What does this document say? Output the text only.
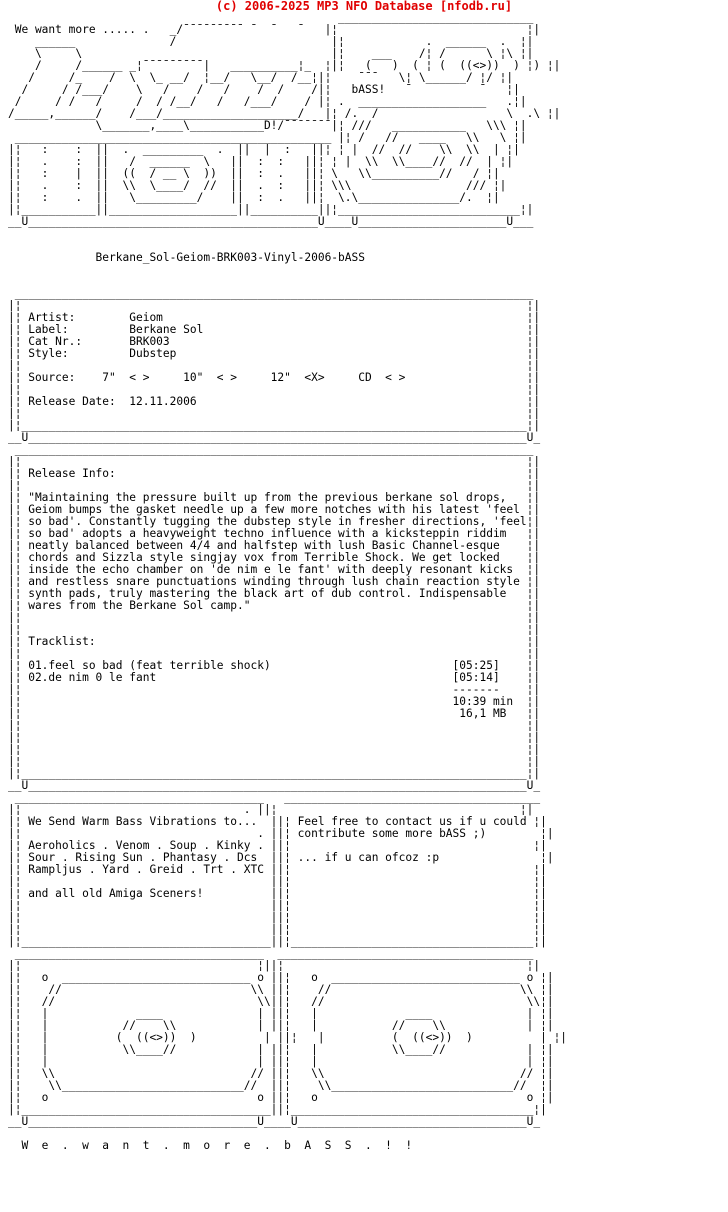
(c) 2006-2025 MP3 NFO Database [nfodb.ru]
_____________________________
We want more ..... .   _/¯¯¯¯¯¯¯¯¯ ¯  ¯   ¯   |¦                            ¦|
______              /                       |¦            .  ______  .  ¦|
\     \                                     |¦    ___    /¦ /      \ ¦\ ¦|
/     /______ _¦¯¯¯¯¯¯¯¯¯|   __________¦_  ¦|¦   (   )  ( ¦ (  ((<>))  ) ¦) ¦|
/     /_    /  \  \_ __/  ¦__/   \__/  /__¦|¦    ¯¯¯   \¦ \______/ ¦/ ¦|
/     / /___/    \   /    /   /    /  /    /|¦   bASS!   ¯          ¯   ¦|
/     / /   /     /  / /__/   /   /___/    / |¦ .  ___________________   .¦|
/_____,______/    /___/____________________/   |¦ /.  /                   \  .\ ¦|
\_______,____\___________D!/¯¯¯¯¯¯¯|¦ ///   ___________   \\\ ¦|
_______________________________________________ |¦ /   //   ____   \\   \ ¦|
|¦   :    :  ||  .  _________  .  ||  |  :   ||¦ ¦ |  //  //    \\  \\  | ¦|
|¦   .    :  ||   /  ______  \   ||  :  :   ||¦ ¦ |  \\  \\____//  //  | ¦|
|¦   :    |  ||  ((  / __ \  ))  ||  :  .   ||¦ \   \\__________//   / ¦|
|¦   .    :  ||  \\  \____/  //  ||  .  :   ||¦ \\\                 /// ¦|
|¦   :    .  ||   \_________/    ||  :  .   ||¦  \.\_______________/.  ¦|
|¦___________||___________________||__________||¦___________________________¦|
__U___________________________________________U____U______________________U___

Berkane_Sol-Geiom-BRK003-Vinyl-2006-bASS

_____________________________________________________________________________
|¦                                                                           ¦|
|¦ Artist:        Geiom                                                      ¦|
|¦ Label:         Berkane Sol                                                ¦|
|¦ Cat Nr.:       BRK003                                                     ¦|
|¦ Style:         Dubstep                                                    ¦|
|¦                                                                           ¦|
|¦ Source:    7"  < >     10"  < >     12"  <X>     CD  < >                  ¦|
|¦                                                                           ¦|
|¦ Release Date:  12.11.2006                                                 ¦|
|¦                                                                           ¦|
|¦___________________________________________________________________________¦|
__U__________________________________________________________________________U_
_____________________________________________________________________________
|¦                                                                           ¦|
|¦ Release Info:                                                             ¦|
|¦                                                                           ¦|
|¦ "Maintaining the pressure built up from the previous berkane sol drops,   ¦|
|¦ Geiom bumps the gasket needle up a few more notches with his latest 'feel ¦|
|¦ so bad'. Constantly tugging the dubstep style in fresher directions, 'feel¦|
|¦ so bad' adopts a heavyweight techno influence with a kicksteppin riddim   ¦|
|¦ neatly balanced between 4/4 and halfstep with lush Basic Channel-esque    ¦|
|¦ chords and Sizzla style singjay vox from Terrible Shock. We get locked    ¦|
|¦ inside the echo chamber on 'de nim e le fant' with deeply resonant kicks  ¦|
|¦ and restless snare punctuations winding through lush chain reaction style ¦|
|¦ synth pads, truly mastering the black art of dub control. Indispensable   ¦|
|¦ wares from the Berkane Sol camp."                                         ¦|
|¦                                                                           ¦|
|¦                                                                           ¦|
|¦ Tracklist:                                                                ¦|
|¦                                                                           ¦|
|¦ 01.feel so bad (feat terrible shock)                           [05:25]    ¦|
|¦ 02.de nim 0 le fant                                            [05:14]    ¦|
|¦                                                                -------    ¦|
|¦                                                                10:39 min  ¦|
|¦                                                                 16,1 MB   ¦|
|¦                                                                           ¦|
|¦                                                                           ¦|
|¦                                                                           ¦|
|¦                                                                           ¦|
|¦___________________________________________________________________________¦|
__U__________________________________________________________________________U_
_____________________________________   ______________________________________
|¦                                 . ||¦                                    ¦|
|¦ We Send Warm Bass Vibrations to...  ||¦ Feel free to contact us if u could ¦|
|¦                                   . ||¦ contribute some more bASS ;)        ¦|
|¦ Aeroholics . Venom . Soup . Kinky . ||¦                                    ¦|
|¦ Sour . Rising Sun . Phantasy . Dcs  ||¦ ... if u can ofcoz :p               ¦|
|¦ Rampljus . Yard . Greid . Trt . XTC ||¦                                    ¦|
|¦                                     ||¦                                    ¦|
|¦ and all old Amiga Sceners!          ||¦                                    ¦|
|¦                                     ||¦                                    ¦|
|¦                                     ||¦                                    ¦|
|¦                                     ||¦                                    ¦|
|¦_____________________________________||¦____________________________________¦|
_____________________________________  ______________________________________
|¦                                   ¦||¦                                    ¦|
|¦   o  ____________________________ o ||¦   o  ____________________________ o ¦|
|¦    //                            \\ ||¦    //                            \\ ¦|
|¦   //                              \\||¦   //                              \\¦|
|¦   |             ____              | ||¦   |             ____              | ¦|
|¦   |           //    \\            | ||¦   |           //    \\            | ¦|
|¦   |          (  ((<>))  )          | ||¦   |          (  ((<>))  )          | ¦|
|¦   |           \\____//            | ||¦   |           \\____//            | ¦|
|¦   |                               | ||¦   |                               | ¦|
|¦   \\                             // ||¦   \\                             // ¦|
|¦    \\___________________________//  ||¦    \\___________________________//  ¦|
|¦   o                               o ||¦   o                               o ¦|
|¦_____________________________________||¦____________________________________¦|
__U__________________________________U____U__________________________________U_

W  e  .  w  a  n  t  .  m  o  r  e  .  b  A  S  S  .  !  !
